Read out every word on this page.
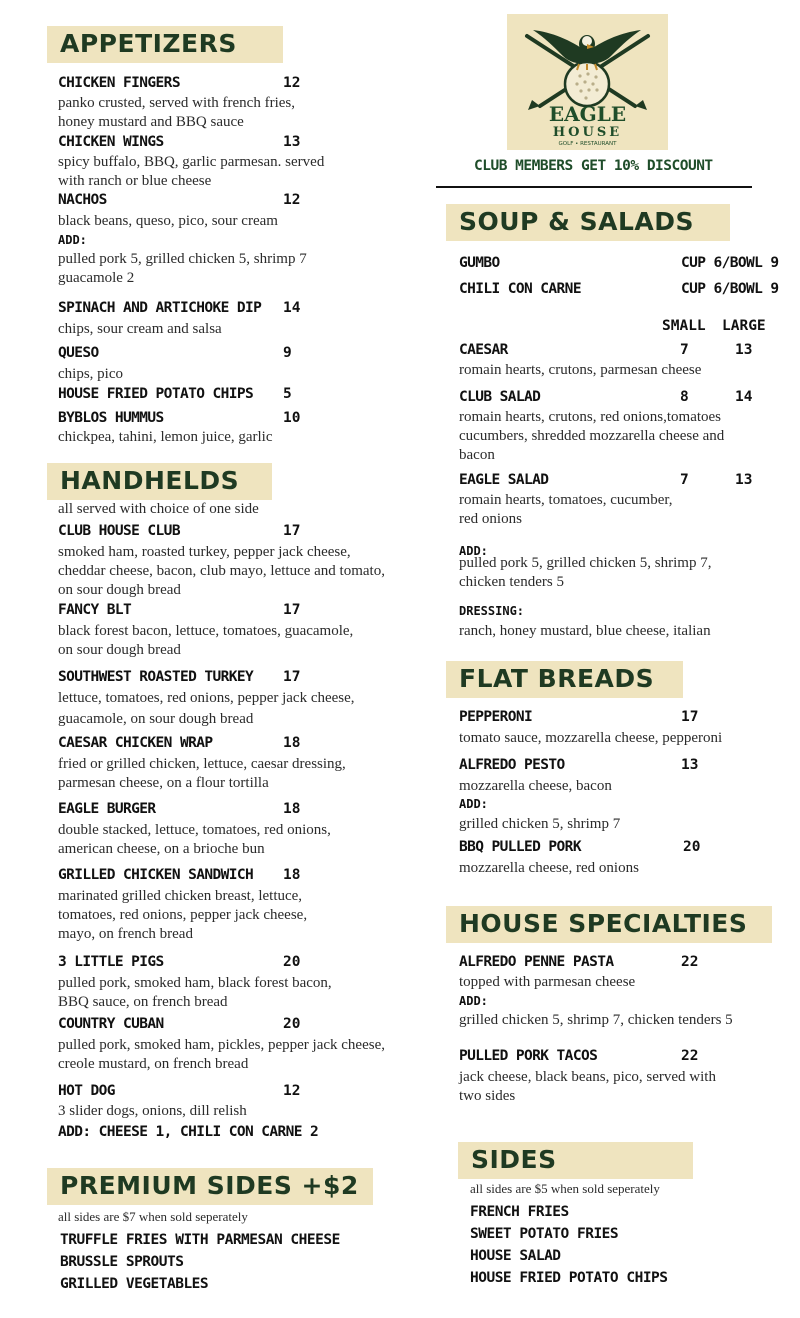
APPETIZERS
CHICKEN FINGERS	12
panko crusted, served with french fries,
honey mustard and BBQ sauce
CHICKEN WINGS	13
spicy buffalo, BBQ, garlic parmesan. served
with ranch or blue cheese
NACHOS	12
black beans, queso, pico, sour cream
ADD:
pulled pork 5, grilled chicken 5, shrimp 7
guacamole 2
SPINACH AND ARTICHOKE DIP 14
chips, sour cream and salsa
QUESO	9
chips, pico
HOUSE FRIED POTATO CHIPS 5
BYBLOS HUMMUS	10
chickpea, tahini, lemon juice, garlic
HANDHELDS
all served with choice of one side
CLUB HOUSE CLUB	17
smoked ham, roasted turkey, pepper jack cheese,
cheddar cheese, bacon, club mayo, lettuce and tomato,
on sour dough bread
FANCY BLT	17
black forest bacon, lettuce, tomatoes, guacamole,
on sour dough bread
SOUTHWEST ROASTED TURKEY 17
lettuce, tomatoes, red onions, pepper jack cheese,
guacamole, on sour dough bread
CAESAR CHICKEN WRAP	18
fried or grilled chicken, lettuce, caesar dressing,
parmesan cheese, on a flour tortilla
EAGLE BURGER	18
double stacked, lettuce, tomatoes, red onions,
american cheese, on a brioche bun
GRILLED CHICKEN SANDWICH 18
marinated grilled chicken breast, lettuce,
tomatoes, red onions, pepper jack cheese,
mayo, on french bread
3 LITTLE PIGS	20
pulled pork, smoked ham, black forest bacon,
BBQ sauce, on french bread
COUNTRY CUBAN	20
pulled pork, smoked ham, pickles, pepper jack cheese,
creole mustard, on french bread
HOT DOG	12
3 slider dogs, onions, dill relish
ADD: CHEESE 1, CHILI CON CARNE 2
PREMIUM SIDES +$2
all sides are $7 when sold seperately
TRUFFLE FRIES WITH PARMESAN CHEESE
BRUSSLE SPROUTS
GRILLED VEGETABLES
EAGLE
HOUSE
GOLF • RESTAURANT
CLUB MEMBERS GET 10% DISCOUNT
SOUP & SALADS
GUMBO	CUP 6/BOWL 9
CHILI CON CARNE	CUP 6/BOWL 9
SMALL LARGE
CAESAR	7	13
romain hearts, crutons, parmesan cheese
CLUB SALAD	8	14
romain hearts, crutons, red onions,tomatoes
cucumbers, shredded mozzarella cheese and
bacon
EAGLE SALAD	7	13
romain hearts, tomatoes, cucumber,
red onions
ADD:
pulled pork 5, grilled chicken 5, shrimp 7,
chicken tenders 5
DRESSING:
ranch, honey mustard, blue cheese, italian
FLAT BREADS
PEPPERONI	17
tomato sauce, mozzarella cheese, pepperoni
ALFREDO PESTO	13
mozzarella cheese, bacon
ADD:
grilled chicken 5, shrimp 7
BBQ PULLED PORK	20
mozzarella cheese, red onions
HOUSE SPECIALTIES
ALFREDO PENNE PASTA	22
topped with parmesan cheese
ADD:
grilled chicken 5, shrimp 7, chicken tenders 5
PULLED PORK TACOS	22
jack cheese, black beans, pico, served with
two sides
SIDES
all sides are $5 when sold seperately
FRENCH FRIES
SWEET POTATO FRIES
HOUSE SALAD
HOUSE FRIED POTATO CHIPS
